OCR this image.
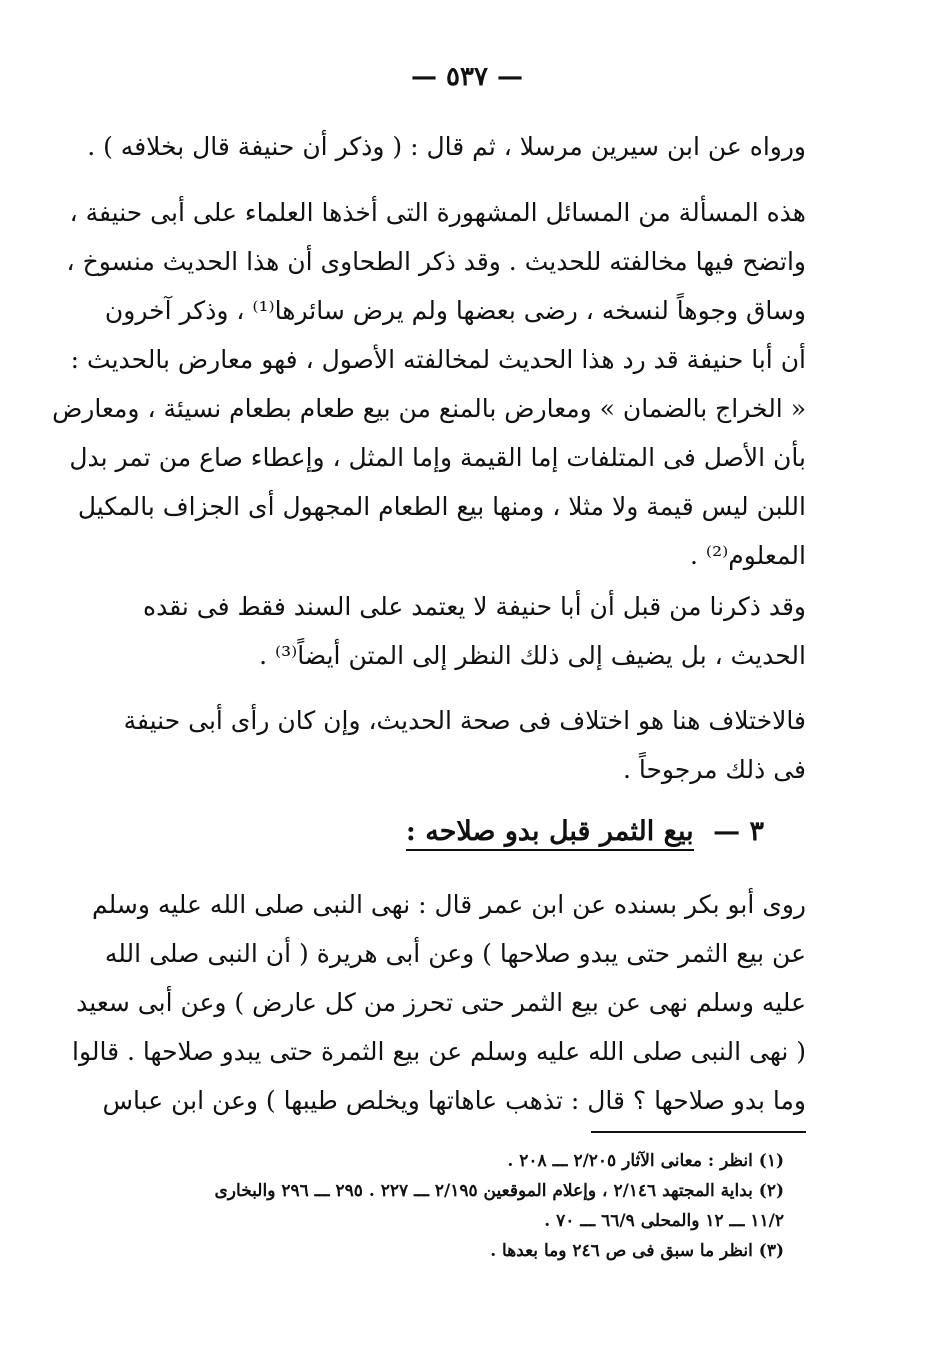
— ٥٣٧ —
ورواه عن ابن سيرين مرسلا ، ثم قال : ( وذكر أن حنيفة قال بخلافه ) .
هذه المسألة من المسائل المشهورة التى أخذها العلماء على أبى حنيفة ،
واتضح فيها مخالفته للحديث . وقد ذكر الطحاوى أن هذا الحديث منسوخ ،
وساق وجوهاً لنسخه ، رضى بعضها ولم يرض سائرها⁽¹⁾ ، وذكر آخرون
أن أبا حنيفة قد رد هذا الحديث لمخالفته الأصول ، فهو معارض بالحديث :
« الخراج بالضمان » ومعارض بالمنع من بيع طعام بطعام نسيئة ، ومعارض
بأن الأصل فى المتلفات إما القيمة وإما المثل ، وإعطاء صاع من تمر بدل
اللبن ليس قيمة ولا مثلا ، ومنها بيع الطعام المجهول أى الجزاف بالمكيل
المعلوم⁽²⁾ .
وقد ذكرنا من قبل أن أبا حنيفة لا يعتمد على السند فقط فى نقده
الحديث ، بل يضيف إلى ذلك النظر إلى المتن أيضاً⁽³⁾ .
فالاختلاف هنا هو اختلاف فى صحة الحديث، وإن كان رأى أبى حنيفة
فى ذلك مرجوحاً .
٣ — بيع الثمر قبل بدو صلاحه :
روى أبو بكر بسنده عن ابن عمر قال : نهى النبى صلى الله عليه وسلم
عن بيع الثمر حتى يبدو صلاحها ) وعن أبى هريرة ( أن النبى صلى الله
عليه وسلم نهى عن بيع الثمر حتى تحرز من كل عارض ) وعن أبى سعيد
( نهى النبى صلى الله عليه وسلم عن بيع الثمرة حتى يبدو صلاحها . قالوا
وما بدو صلاحها ؟ قال : تذهب عاهاتها ويخلص طيبها ) وعن ابن عباس
(١) انظر : معانى الآثار ٢/٢٠٥ ـــ ٢٠٨ .
(٢) بداية المجتهد ٢/١٤٦ ، وإعلام الموقعين ٢/١٩٥ ـــ ٢٢٧ . ٢٩٥ ـــ ٢٩٦ والبخارى
١١/٢ ـــ ١٢ والمحلى ٦٦/٩ ـــ ٧٠ .
(٣) انظر ما سبق فى ص ٢٤٦ وما بعدها .
